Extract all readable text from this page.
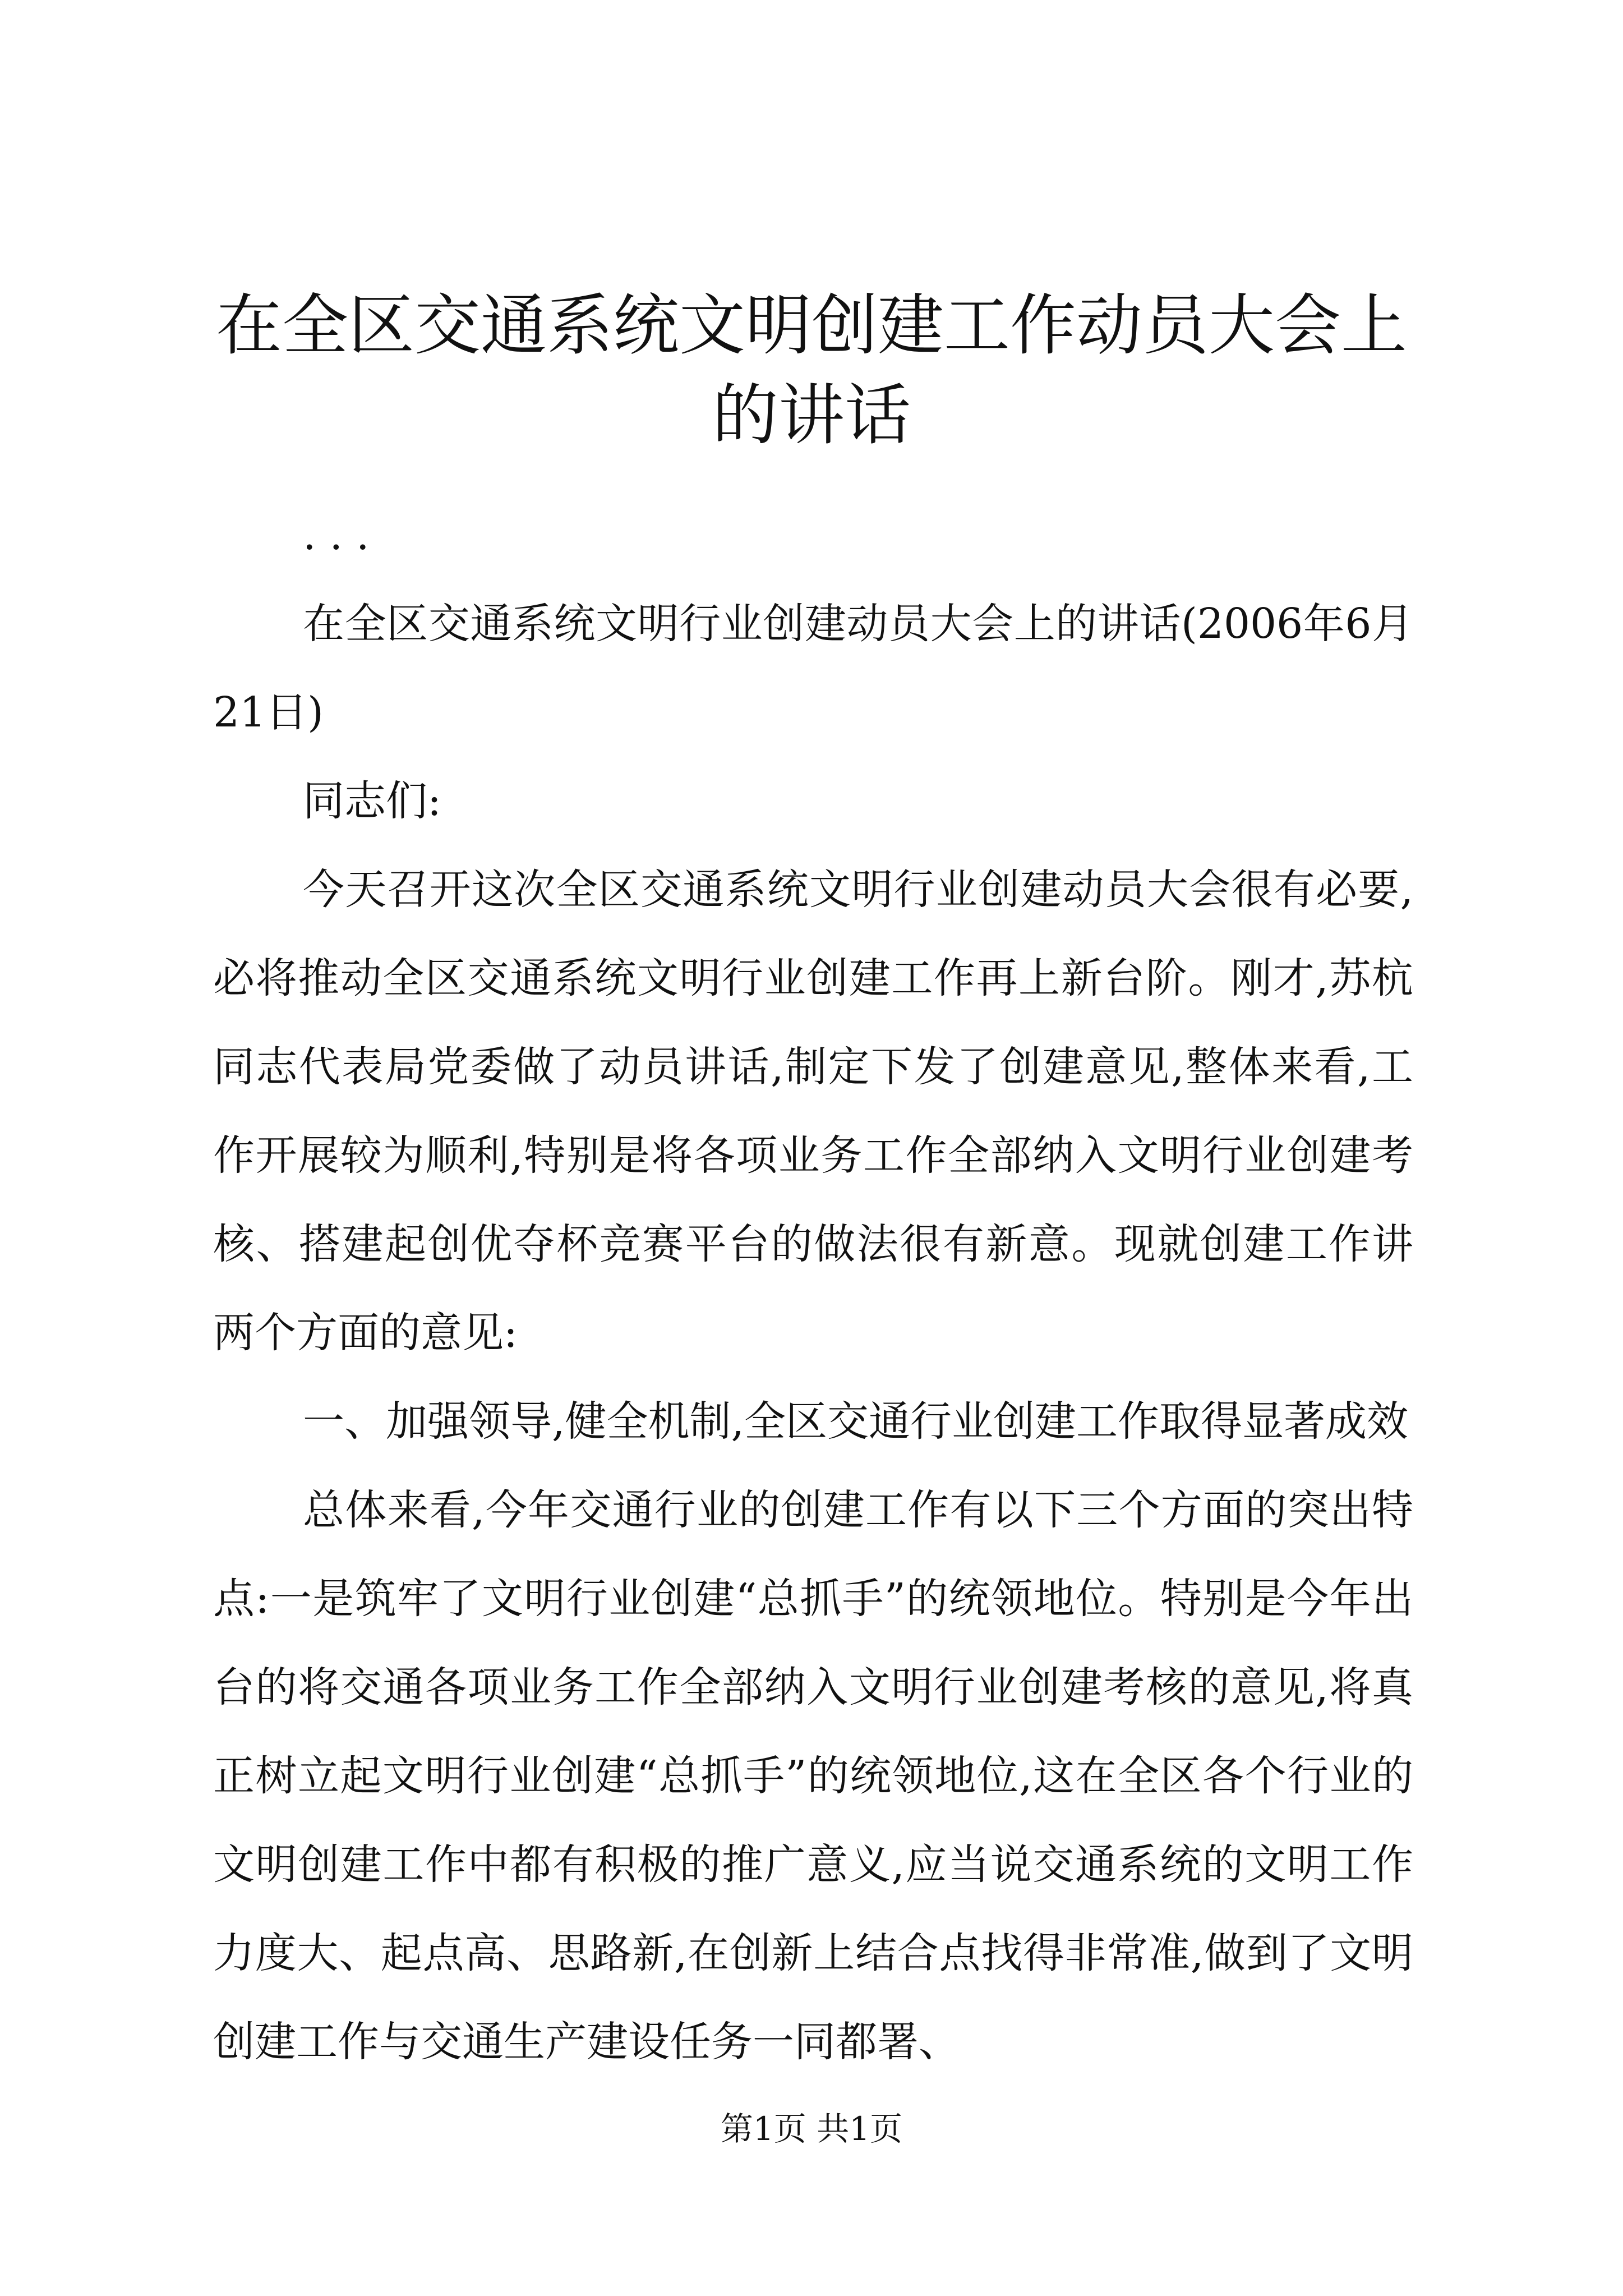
在全区交通系统文明创建工作动员大会上的讲话

...

在全区交通系统文明行业创建动员大会上的讲话(2006年6月21日)

同志们:

今天召开这次全区交通系统文明行业创建动员大会很有必要,必将推动全区交通系统文明行业创建工作再上新台阶。刚才,苏杭同志代表局党委做了动员讲话,制定下发了创建意见,整体来看,工作开展较为顺利,特别是将各项业务工作全部纳入文明行业创建考核、搭建起创优夺杯竞赛平台的做法很有新意。现就创建工作讲两个方面的意见:

一、加强领导,健全机制,全区交通行业创建工作取得显著成效

总体来看,今年交通行业的创建工作有以下三个方面的突出特点:一是筑牢了文明行业创建“总抓手”的统领地位。特别是今年出台的将交通各项业务工作全部纳入文明行业创建考核的意见,将真正树立起文明行业创建“总抓手”的统领地位,这在全区各个行业的文明创建工作中都有积极的推广意义,应当说交通系统的文明工作力度大、起点高、思路新,在创新上结合点找得非常准,做到了文明创建工作与交通生产建设任务一同都署、

第1页 共1页
